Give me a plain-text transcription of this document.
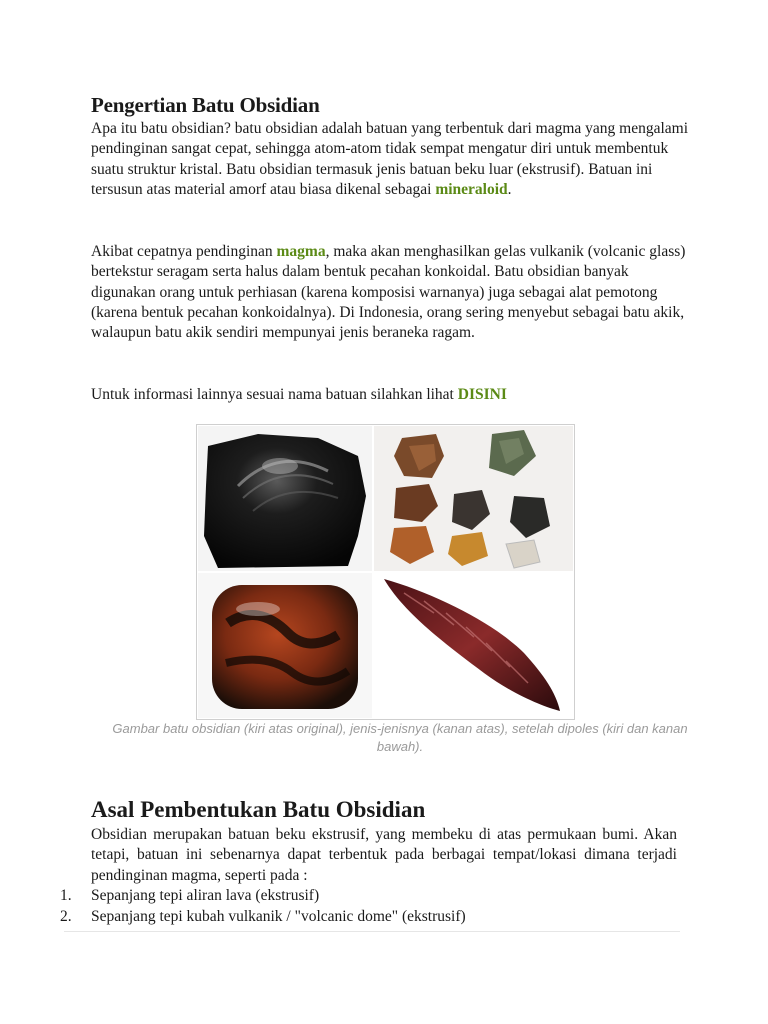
Pengertian Batu Obsidian

Apa itu batu obsidian? batu obsidian adalah batuan yang terbentuk dari magma yang mengalami pendinginan sangat cepat, sehingga atom-atom tidak sempat mengatur diri untuk membentuk suatu struktur kristal. Batu obsidian termasuk jenis batuan beku luar (ekstrusif). Batuan ini tersusun atas material amorf atau biasa dikenal sebagai mineraloid.

Akibat cepatnya pendinginan magma, maka akan menghasilkan gelas vulkanik (volcanic glass) bertekstur seragam serta halus dalam bentuk pecahan konkoidal. Batu obsidian banyak digunakan orang untuk perhiasan (karena komposisi warnanya) juga sebagai alat pemotong (karena bentuk pecahan konkoidalnya). Di Indonesia, orang sering menyebut sebagai batu akik, walaupun batu akik sendiri mempunyai jenis beraneka ragam.

Untuk informasi lainnya sesuai nama batuan silahkan lihat DISINI

Gambar batu obsidian (kiri atas original), jenis-jenisnya (kanan atas), setelah dipoles (kiri dan kanan bawah).

Asal Pembentukan Batu Obsidian

Obsidian merupakan batuan beku ekstrusif, yang membeku di atas permukaan bumi. Akan tetapi, batuan ini sebenarnya dapat terbentuk pada berbagai tempat/lokasi dimana terjadi pendinginan magma, seperti pada :

1.	Sepanjang tepi aliran lava (ekstrusif)
2.	Sepanjang tepi kubah vulkanik / "volcanic dome" (ekstrusif)
